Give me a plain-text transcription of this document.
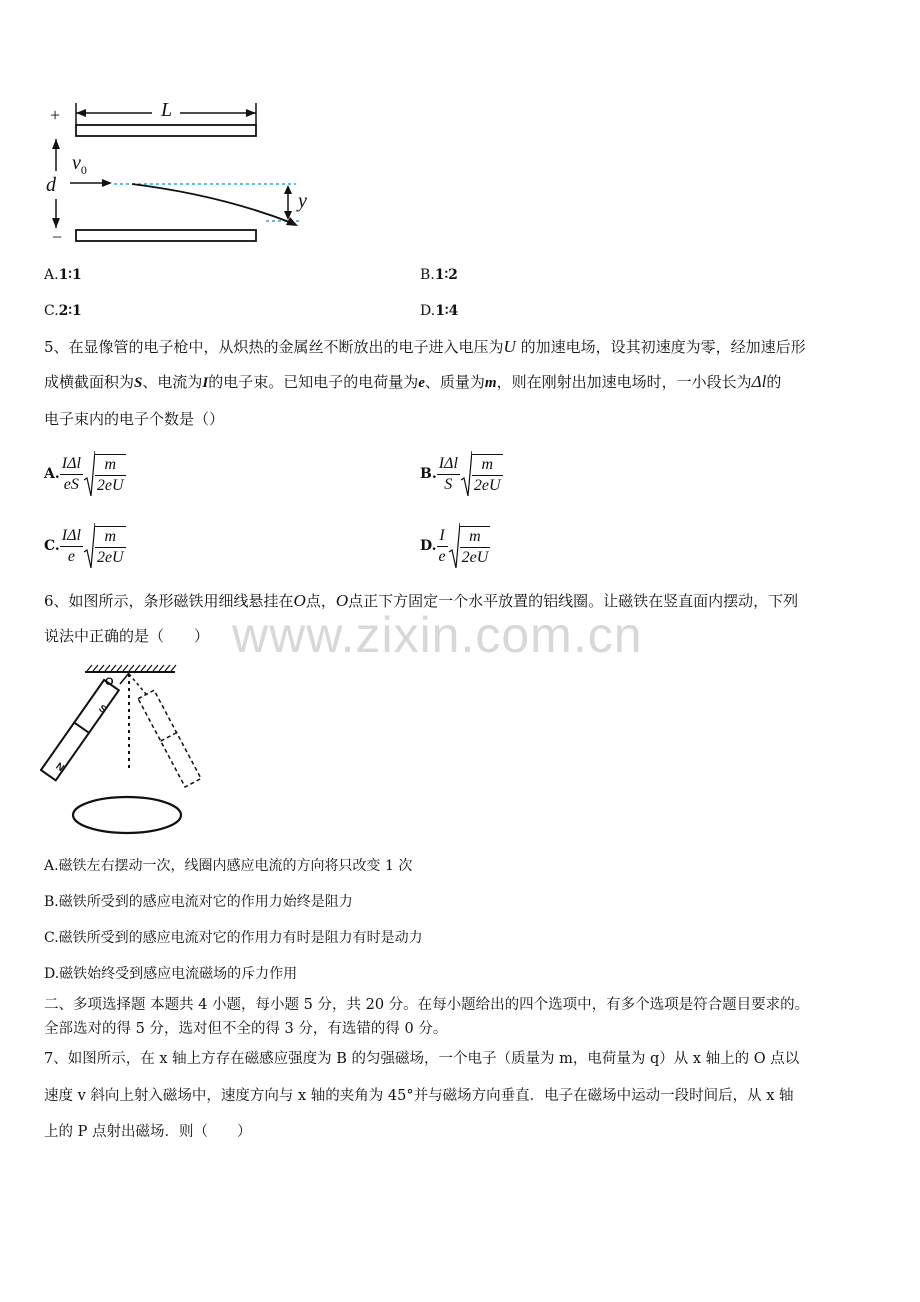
+
−
L
d
$v_0$
y
A.1∶1	B.1∶2
C.2∶1	D.1∶4
5、在显像管的电子枪中，从炽热的金属丝不断放出的电子进入电压为U 的加速电场，设其初速度为零，经加速后形
成横截面积为S、电流为I的电子束。已知电子的电荷量为e、质量为m，则在刚射出加速电场时，一小段长为Δl的
电子束内的电子个数是（）
A. $\frac{\text{IΔl}}{eS} \frac{m}{2eU}$	B. $\frac{\text{IΔl}}{S} \frac{m}{2eU}$
C. $\frac{\text{IΔl}}{e} \frac{m}{2eU}$	D. $\frac{I}{e} \frac{m}{2eU}$
www.zixin.com.cn
6、如图所示，条形磁铁用细线悬挂在O点，O点正下方固定一个水平放置的铝线圈。让磁铁在竖直面内摆动，下列
说法中正确的是（　　）
O
S
N
A.磁铁左右摆动一次，线圈内感应电流的方向将只改变 1 次
B.磁铁所受到的感应电流对它的作用力始终是阻力
C.磁铁所受到的感应电流对它的作用力有时是阻力有时是动力
D.磁铁始终受到感应电流磁场的斥力作用
二、多项选择题 本题共 4 小题，每小题 5 分，共 20 分。在每小题给出的四个选项中，有多个选项是符合题目要求的。
全部选对的得 5 分，选对但不全的得 3 分，有选错的得 0 分。
7、如图所示，在 x 轴上方存在磁感应强度为 B 的匀强磁场，一个电子（质量为 m，电荷量为 q）从 x 轴上的 O 点以
速度 v 斜向上射入磁场中，速度方向与 x 轴的夹角为 45°并与磁场方向垂直．电子在磁场中运动一段时间后，从 x 轴
上的 P 点射出磁场．则（　　）
